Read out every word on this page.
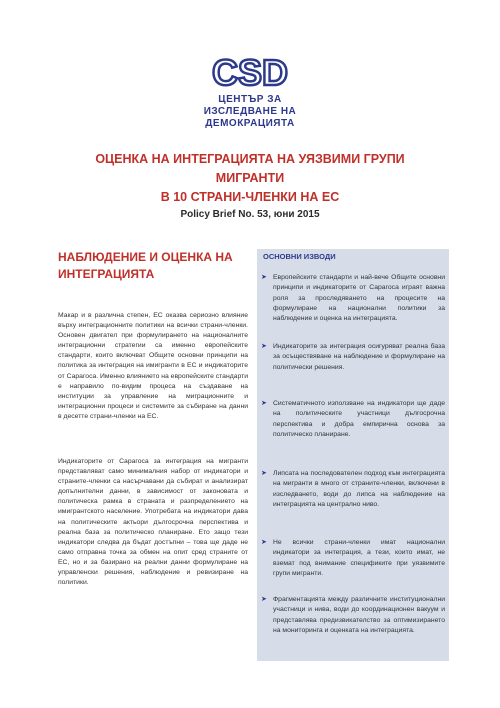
CSD
ЦЕНТЪР ЗА
ИЗСЛЕДВАНЕ НА
ДЕМОКРАЦИЯТА
ОЦЕНКА НА ИНТЕГРАЦИЯТА НА УЯЗВИМИ ГРУПИ МИГРАНТИ
В 10 СТРАНИ-ЧЛЕНКИ НА ЕС
Policy Brief No. 53, юни 2015
НАБЛЮДЕНИЕ И ОЦЕНКА НА
ИНТЕГРАЦИЯТА
Макар и в различна степен, ЕС оказва сериозно влияние върху интеграционните политики на всички страни-членки. Основен двигател при формулирането на националните интеграционни стратегии са именно европейските стандарти, които включват Общите основни принципи на политика за интеграция на имигранти в ЕС и индикаторите от Сарагоса. Именно влиянието на европейските стандарти е направило по-видим процеса на създаване на институции за управление на миграционните и интеграционни процеси и системите за събиране на данни в десетте страни-членки на ЕС.
Индикаторите от Сарагоса за интеграция на мигранти представляват само минималния набор от индикатори и страните-членки са насърчавани да събират и анализират допълнителни данни, в зависимост от законовата и политическа рамка в страната и разпределението на имигрантското население. Употребата на индикатори дава на политическите актьори дългосрочна перспектива и реална база за политическо планиране. Ето защо тези индикатори следва да бъдат достъпни – това ще даде не само отправна точка за обмен на опит сред страните от ЕС, но и за базирано на реални данни формулиране на управленски решения, наблюдение и ревизиране на политики.
ОСНОВНИ ИЗВОДИ
➤ Европейските стандарти и най-вече Общите основни принципи и индикаторите от Сарагоса играят важна роля за проследяването на процесите на формулиране на национални политики за наблюдение и оценка на интеграцията.
➤ Индикаторите за интеграция осигуряват реална база за осъществяване на наблюдение и формулиране на политически решения.
➤ Систематичното използване на индикатори ще даде на политическите участници дългосрочна перспектива и добра емпирична основа за политическо планиране.
➤ Липсата на последователен подход към интеграцията на мигранти в много от страните-членки, включени в изследването, води до липса на наблюдение на интеграцията на централно ниво.
➤ Не всички страни-членки имат национални индикатори за интеграция, а тези, които имат, не вземат под внимание спецификите при уязвимите групи мигранти.
➤ Фрагментацията между различните институционални участници и нива, води до координационен вакуум и представлява предизвикателство за оптимизирането на мониторинга и оценката на интеграцията.
